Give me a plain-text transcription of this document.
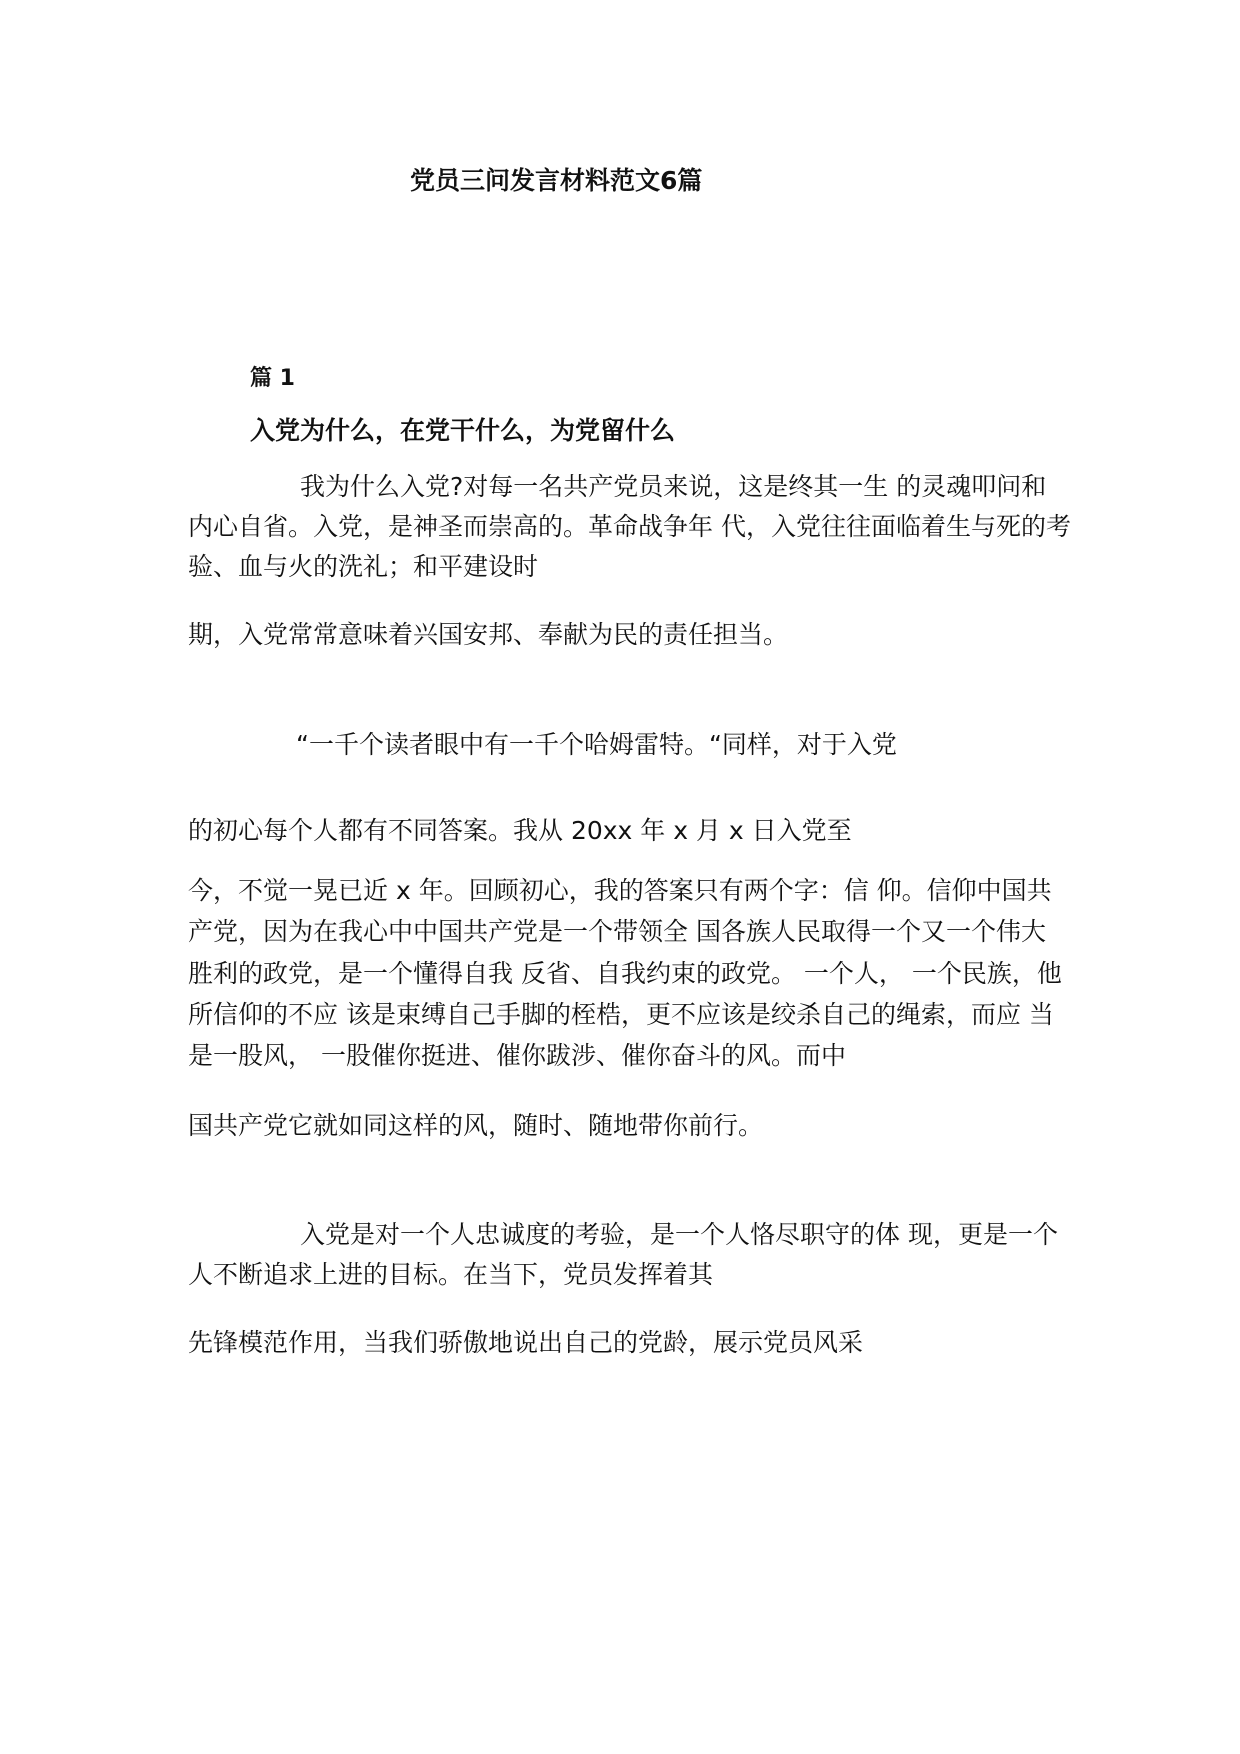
党员三问发言材料范文6篇
篇 1
入党为什么，在党干什么，为党留什么
我为什么入党?对每一名共产党员来说，这是终其一生 的灵魂叩问和
内心自省。入党，是神圣而崇高的。革命战争年 代，入党往往面临着生与死的考
验、血与火的洗礼；和平建设时
期，入党常常意味着兴国安邦、奉献为民的责任担当。
“一千个读者眼中有一千个哈姆雷特。“同样，对于入党
的初心每个人都有不同答案。我从 20xx 年 x 月 x 日入党至
今，不觉一晃已近 x 年。回顾初心，我的答案只有两个字：信 仰。信仰中国共
产党，因为在我心中中国共产党是一个带领全 国各族人民取得一个又一个伟大
胜利的政党，是一个懂得自我 反省、自我约束的政党。 一个人， 一个民族，他
所信仰的不应 该是束缚自己手脚的桎梏，更不应该是绞杀自己的绳索，而应 当
是一股风， 一股催你挺进、催你跋涉、催你奋斗的风。而中
国共产党它就如同这样的风，随时、随地带你前行。
入党是对一个人忠诚度的考验，是一个人恪尽职守的体 现，更是一个
人不断追求上进的目标。在当下，党员发挥着其
先锋模范作用，当我们骄傲地说出自己的党龄，展示党员风采
